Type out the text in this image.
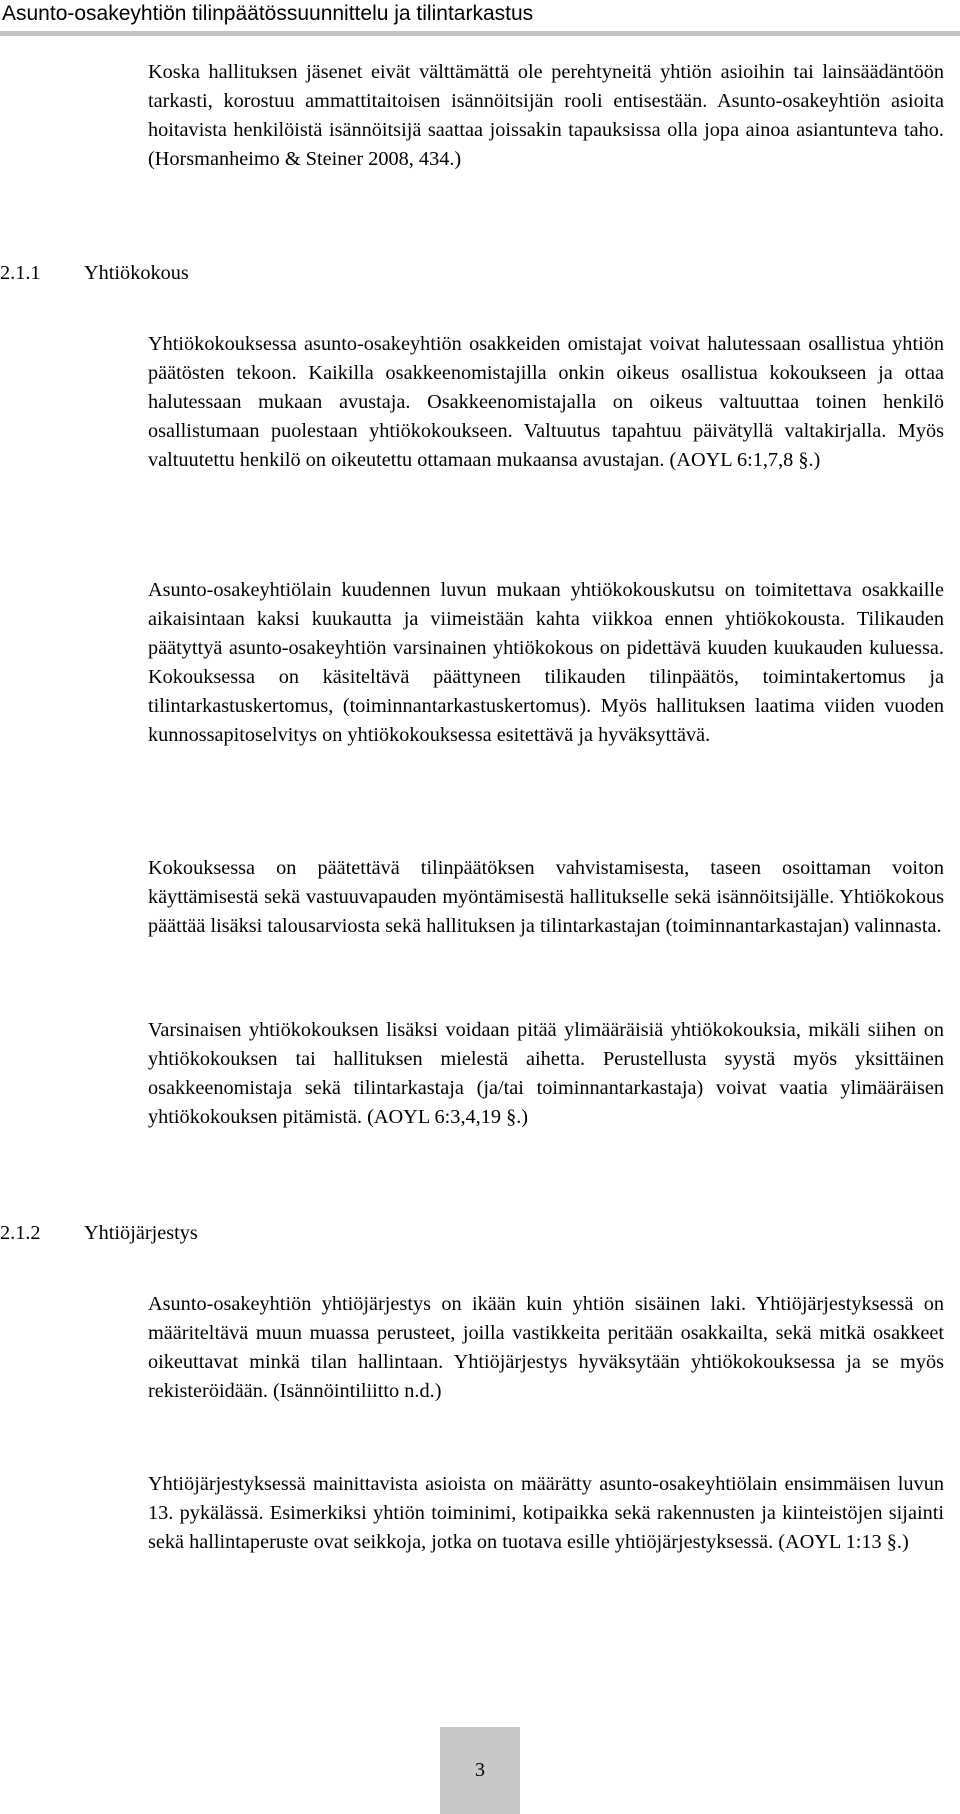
Asunto-osakeyhtiön tilinpäätössuunnittelu ja tilintarkastus

Koska hallituksen jäsenet eivät välttämättä ole perehtyneitä yhtiön asioihin tai lainsäädäntöön tarkasti, korostuu ammattitaitoisen isännöitsijän rooli entisestään. Asunto-osakeyhtiön asioita hoitavista henkilöistä isännöitsijä saattaa joissakin tapauksissa olla jopa ainoa asiantunteva taho. (Horsmanheimo & Steiner 2008, 434.)

2.1.1 Yhtiökokous

Yhtiökokouksessa asunto-osakeyhtiön osakkeiden omistajat voivat halutessaan osallistua yhtiön päätösten tekoon. Kaikilla osakkeenomistajilla onkin oikeus osallistua kokoukseen ja ottaa halutessaan mukaan avustaja. Osakkeenomistajalla on oikeus valtuuttaa toinen henkilö osallistumaan puolestaan yhtiökokoukseen. Valtuutus tapahtuu päivätyllä valtakirjalla. Myös valtuutettu henkilö on oikeutettu ottamaan mukaansa avustajan. (AOYL 6:1,7,8 §.)

Asunto-osakeyhtiölain kuudennen luvun mukaan yhtiökokouskutsu on toimitettava osakkaille aikaisintaan kaksi kuukautta ja viimeistään kahta viikkoa ennen yhtiökokousta. Tilikauden päätyttyä asunto-osakeyhtiön varsinainen yhtiökokous on pidettävä kuuden kuukauden kuluessa. Kokouksessa on käsiteltävä päättyneen tilikauden tilinpäätös, toimintakertomus ja tilintarkastuskertomus, (toiminnantarkastuskertomus). Myös hallituksen laatima viiden vuoden kunnossapitoselvitys on yhtiökokouksessa esitettävä ja hyväksyttävä.

Kokouksessa on päätettävä tilinpäätöksen vahvistamisesta, taseen osoittaman voiton käyttämisestä sekä vastuuvapauden myöntämisestä hallitukselle sekä isännöitsijälle. Yhtiökokous päättää lisäksi talousarviosta sekä hallituksen ja tilintarkastajan (toiminnantarkastajan) valinnasta.

Varsinaisen yhtiökokouksen lisäksi voidaan pitää ylimääräisiä yhtiökokouksia, mikäli siihen on yhtiökokouksen tai hallituksen mielestä aihetta. Perustellusta syystä myös yksittäinen osakkeenomistaja sekä tilintarkastaja (ja/tai toiminnantarkastaja) voivat vaatia ylimääräisen yhtiökokouksen pitämistä. (AOYL 6:3,4,19 §.)

2.1.2 Yhtiöjärjestys

Asunto-osakeyhtiön yhtiöjärjestys on ikään kuin yhtiön sisäinen laki. Yhtiöjärjestyksessä on määriteltävä muun muassa perusteet, joilla vastikkeita peritään osakkailta, sekä mitkä osakkeet oikeuttavat minkä tilan hallintaan. Yhtiöjärjestys hyväksytään yhtiökokouksessa ja se myös rekisteröidään. (Isännöintiliitto n.d.)

Yhtiöjärjestyksessä mainittavista asioista on määrätty asunto-osakeyhtiölain ensimmäisen luvun 13. pykälässä. Esimerkiksi yhtiön toiminimi, kotipaikka sekä rakennusten ja kiinteistöjen sijainti sekä hallintaperuste ovat seikkoja, jotka on tuotava esille yhtiöjärjestyksessä. (AOYL 1:13 §.)

3
